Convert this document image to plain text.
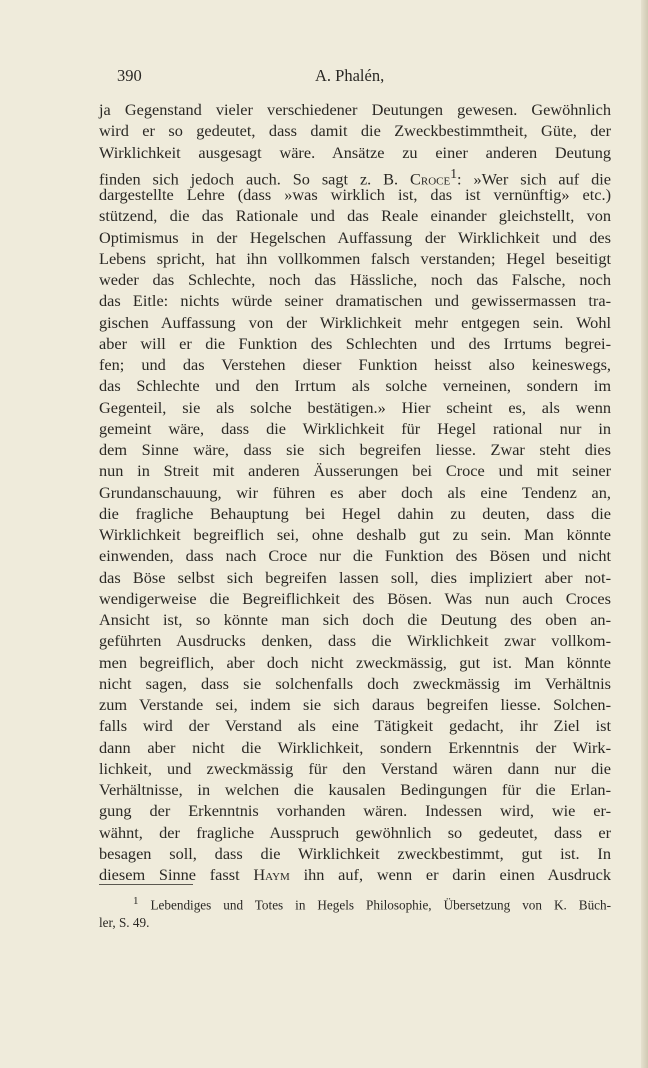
390	A. Phalén,
ja Gegenstand vieler verschiedener Deutungen gewesen. Gewöhnlich
wird er so gedeutet, dass damit die Zweckbestimmtheit, Güte, der
Wirklichkeit ausgesagt wäre. Ansätze zu einer anderen Deutung
finden sich jedoch auch. So sagt z. B. Croce$^1$: »Wer sich auf die
dargestellte Lehre (dass »was wirklich ist, das ist vernünftig» etc.)
stützend, die das Rationale und das Reale einander gleichstellt, von
Optimismus in der Hegelschen Auffassung der Wirklichkeit und des
Lebens spricht, hat ihn vollkommen falsch verstanden; Hegel beseitigt
weder das Schlechte, noch das Hässliche, noch das Falsche, noch
das Eitle: nichts würde seiner dramatischen und gewissermassen tra-
gischen Auffassung von der Wirklichkeit mehr entgegen sein. Wohl
aber will er die Funktion des Schlechten und des Irrtums begrei-
fen; und das Verstehen dieser Funktion heisst also keineswegs,
das Schlechte und den Irrtum als solche verneinen, sondern im
Gegenteil, sie als solche bestätigen.» Hier scheint es, als wenn
gemeint wäre, dass die Wirklichkeit für Hegel rational nur in
dem Sinne wäre, dass sie sich begreifen liesse. Zwar steht dies
nun in Streit mit anderen Äusserungen bei Croce und mit seiner
Grundanschauung, wir führen es aber doch als eine Tendenz an,
die fragliche Behauptung bei Hegel dahin zu deuten, dass die
Wirklichkeit begreiflich sei, ohne deshalb gut zu sein. Man könnte
einwenden, dass nach Croce nur die Funktion des Bösen und nicht
das Böse selbst sich begreifen lassen soll, dies impliziert aber not-
wendigerweise die Begreiflichkeit des Bösen. Was nun auch Croces
Ansicht ist, so könnte man sich doch die Deutung des oben an-
geführten Ausdrucks denken, dass die Wirklichkeit zwar vollkom-
men begreiflich, aber doch nicht zweckmässig, gut ist. Man könnte
nicht sagen, dass sie solchenfalls doch zweckmässig im Verhältnis
zum Verstande sei, indem sie sich daraus begreifen liesse. Solchen-
falls wird der Verstand als eine Tätigkeit gedacht, ihr Ziel ist
dann aber nicht die Wirklichkeit, sondern Erkenntnis der Wirk-
lichkeit, und zweckmässig für den Verstand wären dann nur die
Verhältnisse, in welchen die kausalen Bedingungen für die Erlan-
gung der Erkenntnis vorhanden wären. Indessen wird, wie er-
wähnt, der fragliche Ausspruch gewöhnlich so gedeutet, dass er
besagen soll, dass die Wirklichkeit zweckbestimmt, gut ist. In
diesem Sinne fasst Haym ihn auf, wenn er darin einen Ausdruck
$^1$ Lebendiges und Totes in Hegels Philosophie, Übersetzung von K. Büch-
ler, S. 49.
